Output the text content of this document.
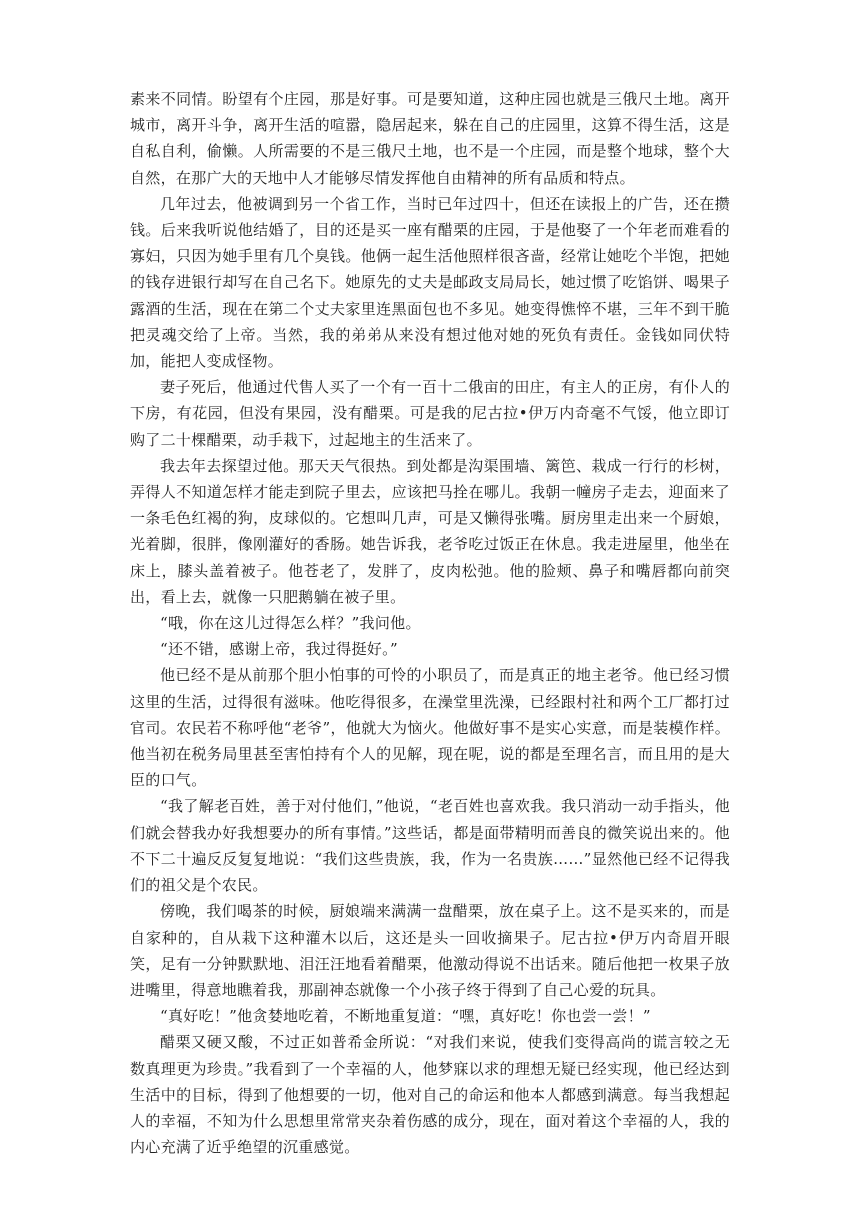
素来不同情。盼望有个庄园，那是好事。可是要知道，这种庄园也就是三俄尺土地。离开城市，离开斗争，离开生活的喧嚣，隐居起来，躲在自己的庄园里，这算不得生活，这是自私自利，偷懒。人所需要的不是三俄尺土地，也不是一个庄园，而是整个地球，整个大自然，在那广大的天地中人才能够尽情发挥他自由精神的所有品质和特点。

几年过去，他被调到另一个省工作，当时已年过四十，但还在读报上的广告，还在攒钱。后来我听说他结婚了，目的还是买一座有醋栗的庄园，于是他娶了一个年老而难看的寡妇，只因为她手里有几个臭钱。他俩一起生活他照样很吝啬，经常让她吃个半饱，把她的钱存进银行却写在自己名下。她原先的丈夫是邮政支局局长，她过惯了吃馅饼、喝果子露酒的生活，现在在第二个丈夫家里连黑面包也不多见。她变得憔悴不堪，三年不到干脆把灵魂交给了上帝。当然，我的弟弟从来没有想过他对她的死负有责任。金钱如同伏特加，能把人变成怪物。

妻子死后，他通过代售人买了一个有一百十二俄亩的田庄，有主人的正房，有仆人的下房，有花园，但没有果园，没有醋栗。可是我的尼古拉•伊万内奇毫不气馁，他立即订购了二十棵醋栗，动手栽下，过起地主的生活来了。

我去年去探望过他。那天天气很热。到处都是沟渠围墙、篱笆、栽成一行行的杉树，弄得人不知道怎样才能走到院子里去，应该把马拴在哪儿。我朝一幢房子走去，迎面来了一条毛色红褐的狗，皮球似的。它想叫几声，可是又懒得张嘴。厨房里走出来一个厨娘，光着脚，很胖，像刚灌好的香肠。她告诉我，老爷吃过饭正在休息。我走进屋里，他坐在床上，膝头盖着被子。他苍老了，发胖了，皮肉松弛。他的脸颊、鼻子和嘴唇都向前突出，看上去，就像一只肥鹅躺在被子里。

“哦，你在这儿过得怎么样？”我问他。

“还不错，感谢上帝，我过得挺好。”

他已经不是从前那个胆小怕事的可怜的小职员了，而是真正的地主老爷。他已经习惯这里的生活，过得很有滋味。他吃得很多，在澡堂里洗澡，已经跟村社和两个工厂都打过官司。农民若不称呼他“老爷”，他就大为恼火。他做好事不是实心实意，而是装模作样。他当初在税务局里甚至害怕持有个人的见解，现在呢，说的都是至理名言，而且用的是大臣的口气。

“我了解老百姓，善于对付他们，”他说，“老百姓也喜欢我。我只消动一动手指头，他们就会替我办好我想要办的所有事情。”这些话，都是面带精明而善良的微笑说出来的。他不下二十遍反反复复地说：“我们这些贵族，我，作为一名贵族……”显然他已经不记得我们的祖父是个农民。

傍晚，我们喝茶的时候，厨娘端来满满一盘醋栗，放在桌子上。这不是买来的，而是自家种的，自从栽下这种灌木以后，这还是头一回收摘果子。尼古拉•伊万内奇眉开眼笑，足有一分钟默默地、泪汪汪地看着醋栗，他激动得说不出话来。随后他把一枚果子放进嘴里，得意地瞧着我，那副神态就像一个小孩子终于得到了自己心爱的玩具。

“真好吃！”他贪婪地吃着，不断地重复道：“嘿，真好吃！你也尝一尝！”

醋栗又硬又酸，不过正如普希金所说：“对我们来说，使我们变得高尚的谎言较之无数真理更为珍贵。”我看到了一个幸福的人，他梦寐以求的理想无疑已经实现，他已经达到生活中的目标，得到了他想要的一切，他对自己的命运和他本人都感到满意。每当我想起人的幸福，不知为什么思想里常常夹杂着伤感的成分，现在，面对着这个幸福的人，我的内心充满了近乎绝望的沉重感觉。
